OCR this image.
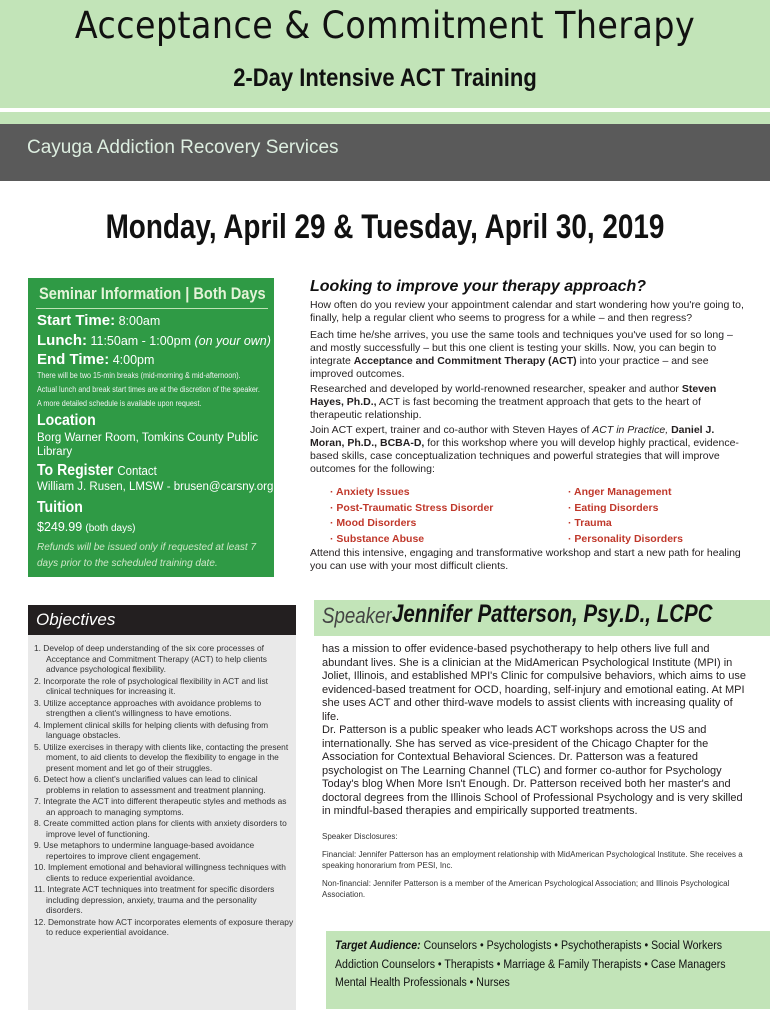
Acceptance & Commitment Therapy
2-Day Intensive ACT Training
Cayuga Addiction Recovery Services
Monday, April 29 & Tuesday, April 30, 2019
Seminar Information | Both Days
Start Time: 8:00am
Lunch: 11:50am - 1:00pm (on your own)
End Time: 4:00pm
There will be two 15-min breaks (mid-morning & mid-afternoon).
Actual lunch and break start times are at the discretion of the speaker.
A more detailed schedule is available upon request.
Location
Borg Warner Room, Tomkins County Public
Library
To Register Contact
William J. Rusen, LMSW - brusen@carsny.org
Tuition
$249.99 (both days)
Refunds will be issued only if requested at least 7 days prior to the scheduled training date.
Looking to improve your therapy approach?
How often do you review your appointment calendar and start wondering how you're going to, finally, help a regular client who seems to progress for a while – and then regress?
Each time he/she arrives, you use the same tools and techniques you've used for so long – and mostly successfully – but this one client is testing your skills. Now, you can begin to integrate Acceptance and Commitment Therapy (ACT) into your practice – and see improved outcomes.
Researched and developed by world-renowned researcher, speaker and author Steven Hayes, Ph.D., ACT is fast becoming the treatment approach that gets to the heart of therapeutic relationship.
Join ACT expert, trainer and co-author with Steven Hayes of ACT in Practice, Daniel J. Moran, Ph.D., BCBA-D, for this workshop where you will develop highly practical, evidence-based skills, case conceptualization techniques and powerful strategies that will improve outcomes for the following:
· Anxiety Issues
· Post-Traumatic Stress Disorder
· Mood Disorders
· Substance Abuse
· Anger Management
· Eating Disorders
· Trauma
· Personality Disorders
Attend this intensive, engaging and transformative workshop and start a new path for healing you can use with your most difficult clients.
Objectives
1. Develop of deep understanding of the six core processes of Acceptance and Commitment Therapy (ACT) to help clients advance psychological flexibility.
2. Incorporate the role of psychological flexibility in ACT and list clinical techniques for increasing it.
3. Utilize acceptance approaches with avoidance problems to strengthen a client's willingness to have emotions.
4. Implement clinical skills for helping clients with defusing from language obstacles.
5. Utilize exercises in therapy with clients like, contacting the present moment, to aid clients to develop the flexibility to engage in the present moment and let go of their struggles.
6. Detect how a client's unclarified values can lead to clinical problems in relation to assessment and treatment planning.
7. Integrate the ACT into different therapeutic styles and methods as an approach to managing symptoms.
8. Create committed action plans for clients with anxiety disorders to improve level of functioning.
9. Use metaphors to undermine language-based avoidance repertoires to improve client engagement.
10. Implement emotional and behavioral willingness techniques with clients to reduce experiential avoidance.
11. Integrate ACT techniques into treatment for specific disorders including depression, anxiety, trauma and the personality disorders.
12. Demonstrate how ACT incorporates elements of exposure therapy to reduce experiential avoidance.
Speaker Jennifer Patterson, Psy.D., LCPC
has a mission to offer evidence-based psychotherapy to help others live full and abundant lives. She is a clinician at the MidAmerican Psychological Institute (MPI) in Joliet, Illinois, and established MPI's Clinic for compulsive behaviors, which aims to use evidenced-based treatment for OCD, hoarding, self-injury and emotional eating. At MPI she uses ACT and other third-wave models to assist clients with increasing quality of life.
Dr. Patterson is a public speaker who leads ACT workshops across the US and internationally. She has served as vice-president of the Chicago Chapter for the Association for Contextual Behavioral Sciences. Dr. Patterson was a featured psychologist on The Learning Channel (TLC) and former co-author for Psychology Today's blog When More Isn't Enough. Dr. Patterson received both her master's and doctoral degrees from the Illinois School of Professional Psychology and is very skilled in mindful-based therapies and empirically supported treatments.
Speaker Disclosures:
Financial: Jennifer Patterson has an employment relationship with MidAmerican Psychological Institute. She receives a speaking honorarium from PESI, Inc.
Non-financial: Jennifer Patterson is a member of the American Psychological Association; and Illinois Psychological Association.
Target Audience: Counselors • Psychologists • Psychotherapists • Social Workers
Addiction Counselors • Therapists • Marriage & Family Therapists • Case Managers
Mental Health Professionals • Nurses
